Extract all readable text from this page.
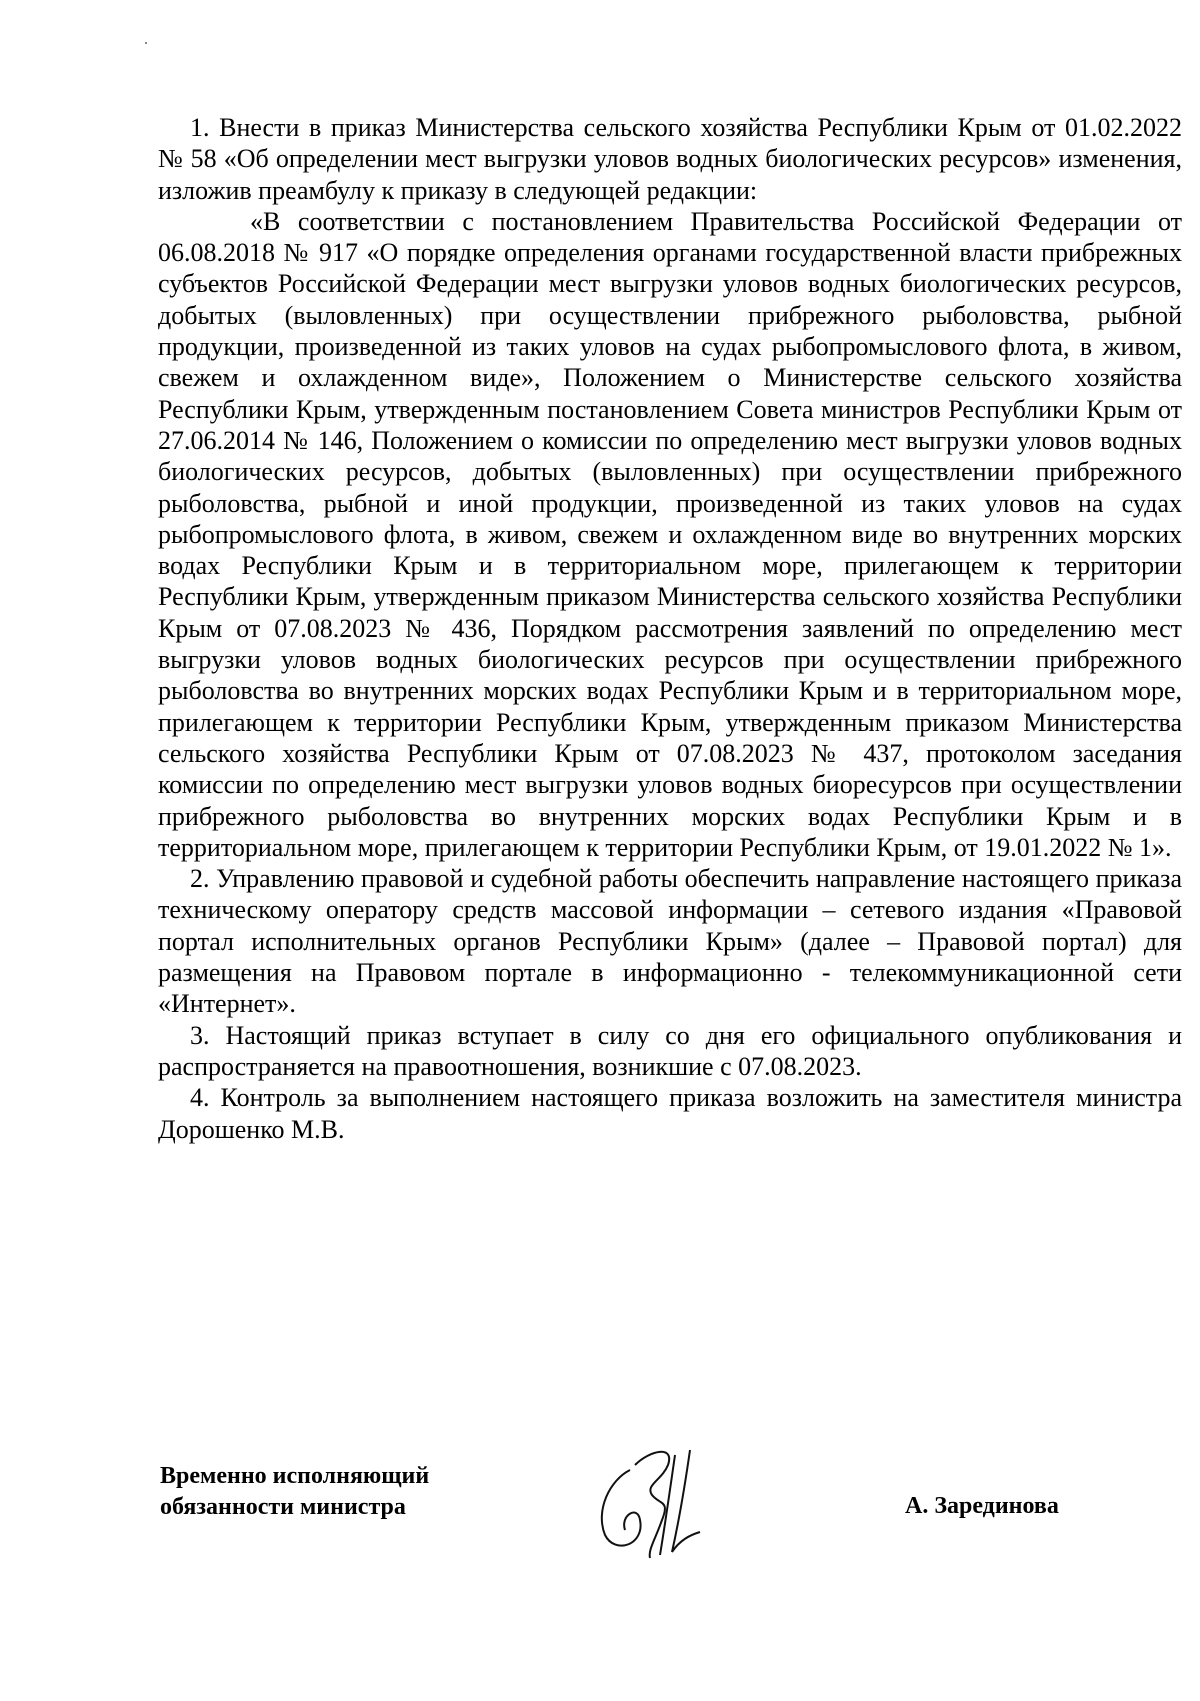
1. Внести в приказ Министерства сельского хозяйства Республики Крым от 01.02.2022 № 58 «Об определении мест выгрузки уловов водных биологических ресурсов» изменения, изложив преамбулу к приказу в следующей редакции:

«В соответствии с постановлением Правительства Российской Федерации от 06.08.2018 № 917 «О порядке определения органами государственной власти прибрежных субъектов Российской Федерации мест выгрузки уловов водных биологических ресурсов, добытых (выловленных) при осуществлении прибрежного рыболовства, рыбной продукции, произведенной из таких уловов на судах рыбопромыслового флота, в живом, свежем и охлажденном виде», Положением о Министерстве сельского хозяйства Республики Крым, утвержденным постановлением Совета министров Республики Крым от 27.06.2014 № 146, Положением о комиссии по определению мест выгрузки уловов водных биологических ресурсов, добытых (выловленных) при осуществлении прибрежного рыболовства, рыбной и иной продукции, произведенной из таких уловов на судах рыбопромыслового флота, в живом, свежем и охлажденном виде во внутренних морских водах Республики Крым и в территориальном море, прилегающем к территории Республики Крым, утвержденным приказом Министерства сельского хозяйства Республики Крым от 07.08.2023 № 436, Порядком рассмотрения заявлений по определению мест выгрузки уловов водных биологических ресурсов при осуществлении прибрежного рыболовства во внутренних морских водах Республики Крым и в территориальном море, прилегающем к территории Республики Крым, утвержденным приказом Министерства сельского хозяйства Республики Крым от 07.08.2023 № 437, протоколом заседания комиссии по определению мест выгрузки уловов водных биоресурсов при осуществлении прибрежного рыболовства во внутренних морских водах Республики Крым и в территориальном море, прилегающем к территории Республики Крым, от 19.01.2022 № 1».

2. Управлению правовой и судебной работы обеспечить направление настоящего приказа техническому оператору средств массовой информации – сетевого издания «Правовой портал исполнительных органов Республики Крым» (далее – Правовой портал) для размещения на Правовом портале в информационно - телекоммуникационной сети «Интернет».

3. Настоящий приказ вступает в силу со дня его официального опубликования и распространяется на правоотношения, возникшие с 07.08.2023.

4. Контроль за выполнением настоящего приказа возложить на заместителя министра Дорошенко М.В.

Временно исполняющий
обязанности министра	А. Зарединова
